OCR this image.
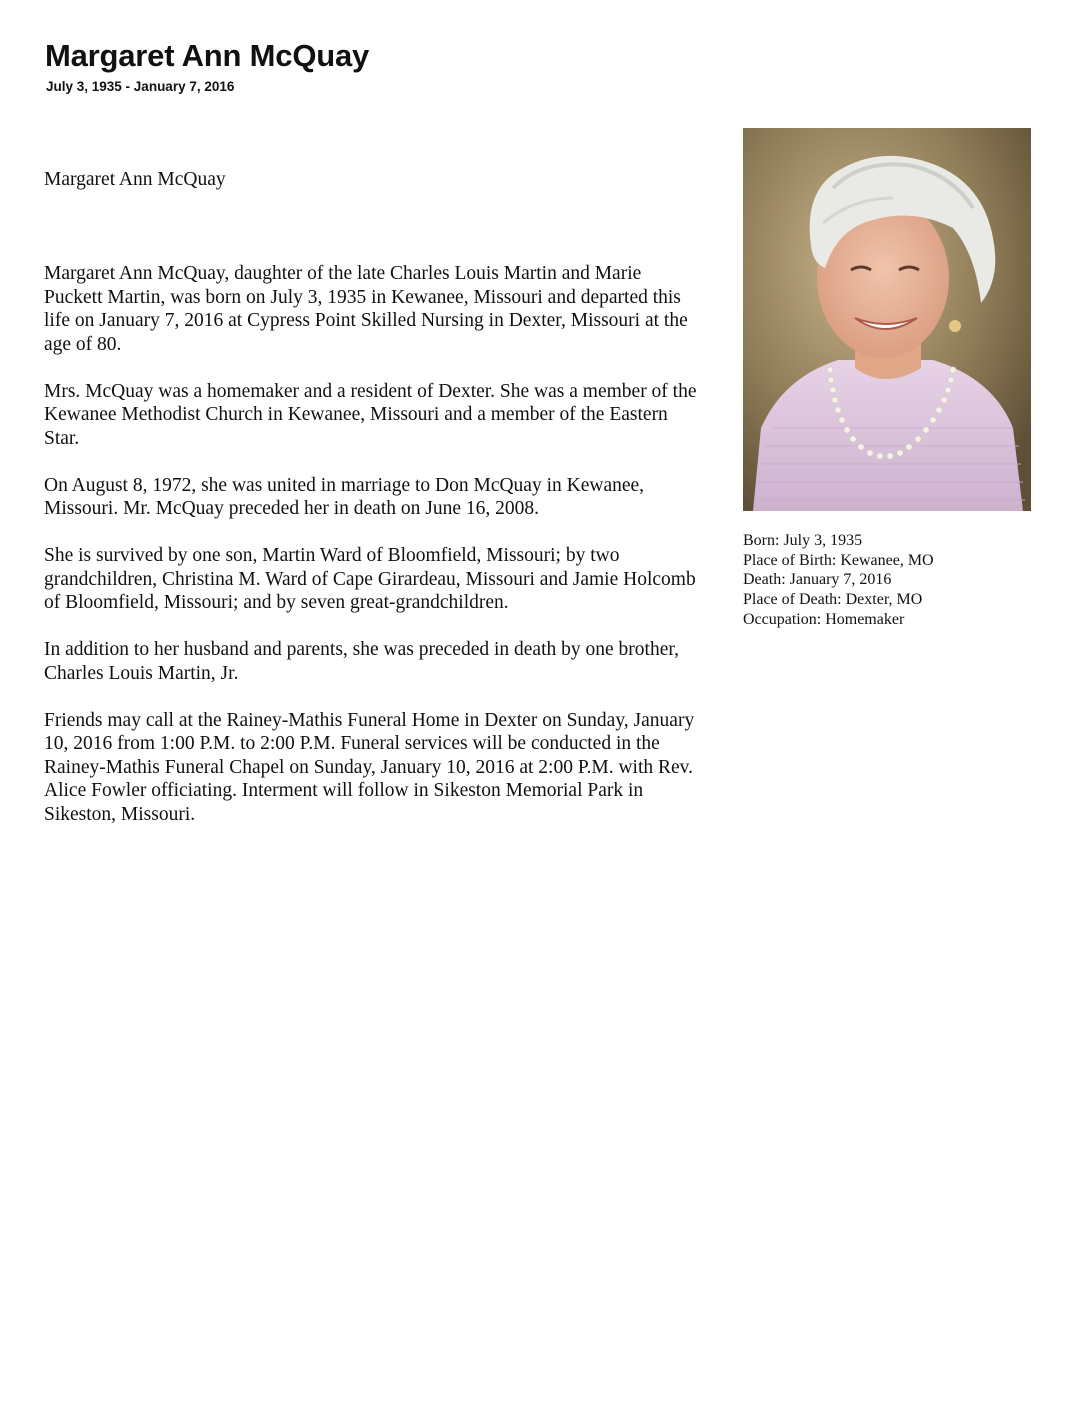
Margaret Ann McQuay
July 3, 1935 - January 7, 2016

Margaret Ann McQuay

Margaret Ann McQuay, daughter of the late Charles Louis Martin and Marie Puckett Martin, was born on July 3, 1935 in Kewanee, Missouri and departed this life on January 7, 2016 at Cypress Point Skilled Nursing in Dexter, Missouri at the age of 80.

Mrs. McQuay was a homemaker and a resident of Dexter. She was a member of the Kewanee Methodist Church in Kewanee, Missouri and a member of the Eastern Star.

On August 8, 1972, she was united in marriage to Don McQuay in Kewanee, Missouri. Mr. McQuay preceded her in death on June 16, 2008.

She is survived by one son, Martin Ward of Bloomfield, Missouri; by two grandchildren, Christina M. Ward of Cape Girardeau, Missouri and Jamie Holcomb of Bloomfield, Missouri; and by seven great-grandchildren.

In addition to her husband and parents, she was preceded in death by one brother, Charles Louis Martin, Jr.

Friends may call at the Rainey-Mathis Funeral Home in Dexter on Sunday, January 10, 2016 from 1:00 P.M. to 2:00 P.M. Funeral services will be conducted in the Rainey-Mathis Funeral Chapel on Sunday, January 10, 2016 at 2:00 P.M. with Rev. Alice Fowler officiating. Interment will follow in Sikeston Memorial Park in Sikeston, Missouri.

Born: July 3, 1935
Place of Birth: Kewanee, MO
Death: January 7, 2016
Place of Death: Dexter, MO
Occupation: Homemaker
